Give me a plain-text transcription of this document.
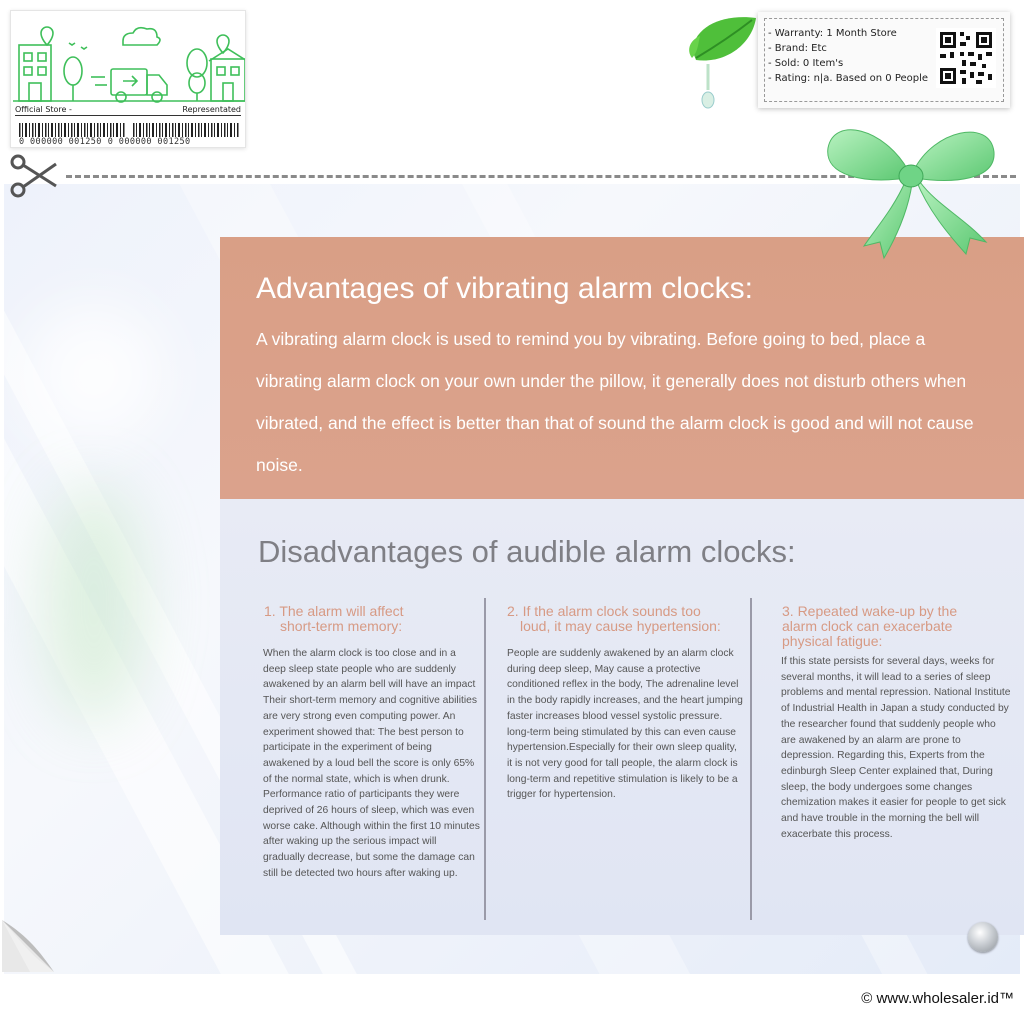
Advantages of vibrating alarm clocks:
A vibrating alarm clock is used to remind you by vibrating. Before going to bed, place a vibrating alarm clock on your own under the pillow, it generally does not disturb others when vibrated, and the effect is better than that of sound the alarm clock is good and will not cause noise.
Disadvantages of audible alarm clocks:
1. The alarm will affect
short-term memory:
When the alarm clock is too close and in a deep sleep state people who are suddenly awakened by an alarm bell will have an impact Their short-term memory and cognitive abilities are very strong even computing power. An experiment showed that: The best person to participate in the experiment of being awakened by a loud bell the score is only 65% of the normal state, which is when drunk. Performance ratio of participants they were deprived of 26 hours of sleep, which was even worse cake. Although within the first 10 minutes after waking up the serious impact will gradually decrease, but some the damage can still be detected two hours after waking up.
2. If the alarm clock sounds too
loud, it may cause hypertension:
People are suddenly awakened by an alarm clock during deep sleep, May cause a protective conditioned reflex in the body, The adrenaline level in the body rapidly increases, and the heart jumping faster increases blood vessel systolic pressure. long-term being stimulated by this can even cause hypertension.Especially for their own sleep quality, it is not very good for tall people, the alarm clock is long-term and repetitive stimulation is likely to be a trigger for hypertension.
3. Repeated wake-up by the
alarm clock can exacerbate
physical fatigue:
If this state persists for several days, weeks for several months, it will lead to a series of sleep problems and mental repression. National Institute of Industrial Health in Japan a study conducted by the researcher found that suddenly people who are awakened by an alarm are prone to depression. Regarding this, Experts from the edinburgh Sleep Center explained that, During sleep, the body undergoes some changes chemization makes it easier for people to get sick and have trouble in the morning the bell will exacerbate this process.
Official Store -	Representated
0 000000 001250 0 000000 001250
- Warranty: 1 Month Store
- Brand: Etc
- Sold: 0 Item's
- Rating: n|a. Based on 0 People
© www.wholesaler.id™
